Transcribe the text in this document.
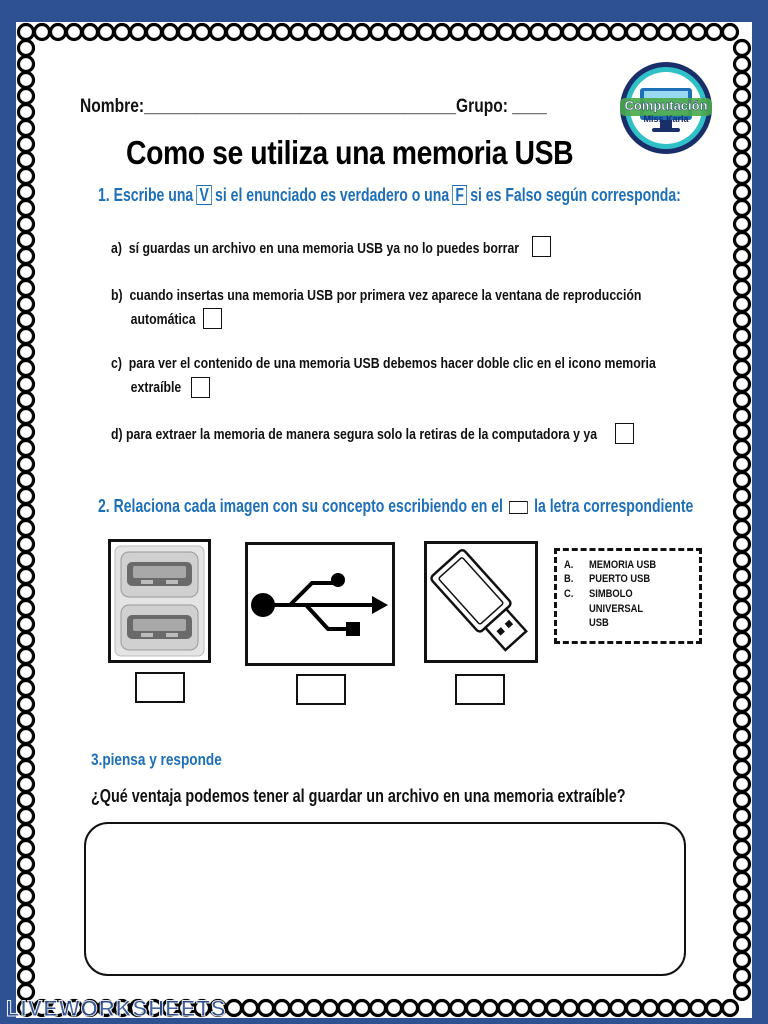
Nombre:____________________________________Grupo: ____	Computación
Miss Karla
Como se utiliza una memoria USB
1. Escribe una V si el enunciado es verdadero o una F si es Falso según corresponda:
a) sí guardas un archivo en una memoria USB ya no lo puedes borrar
b) cuando insertas una memoria USB por primera vez aparece la ventana de reproducción
automática
c) para ver el contenido de una memoria USB debemos hacer doble clic en el icono memoria
extraíble
d) para extraer la memoria de manera segura solo la retiras de la computadora y ya
2. Relaciona cada imagen con su concepto escribiendo en el la letra correspondiente
A. MEMORIA USB
B. PUERTO USB
C. SIMBOLO
UNIVERSAL
USB
3.piensa y responde
¿Qué ventaja podemos tener al guardar un archivo en una memoria extraíble?
LIVEWORKSHEETS
